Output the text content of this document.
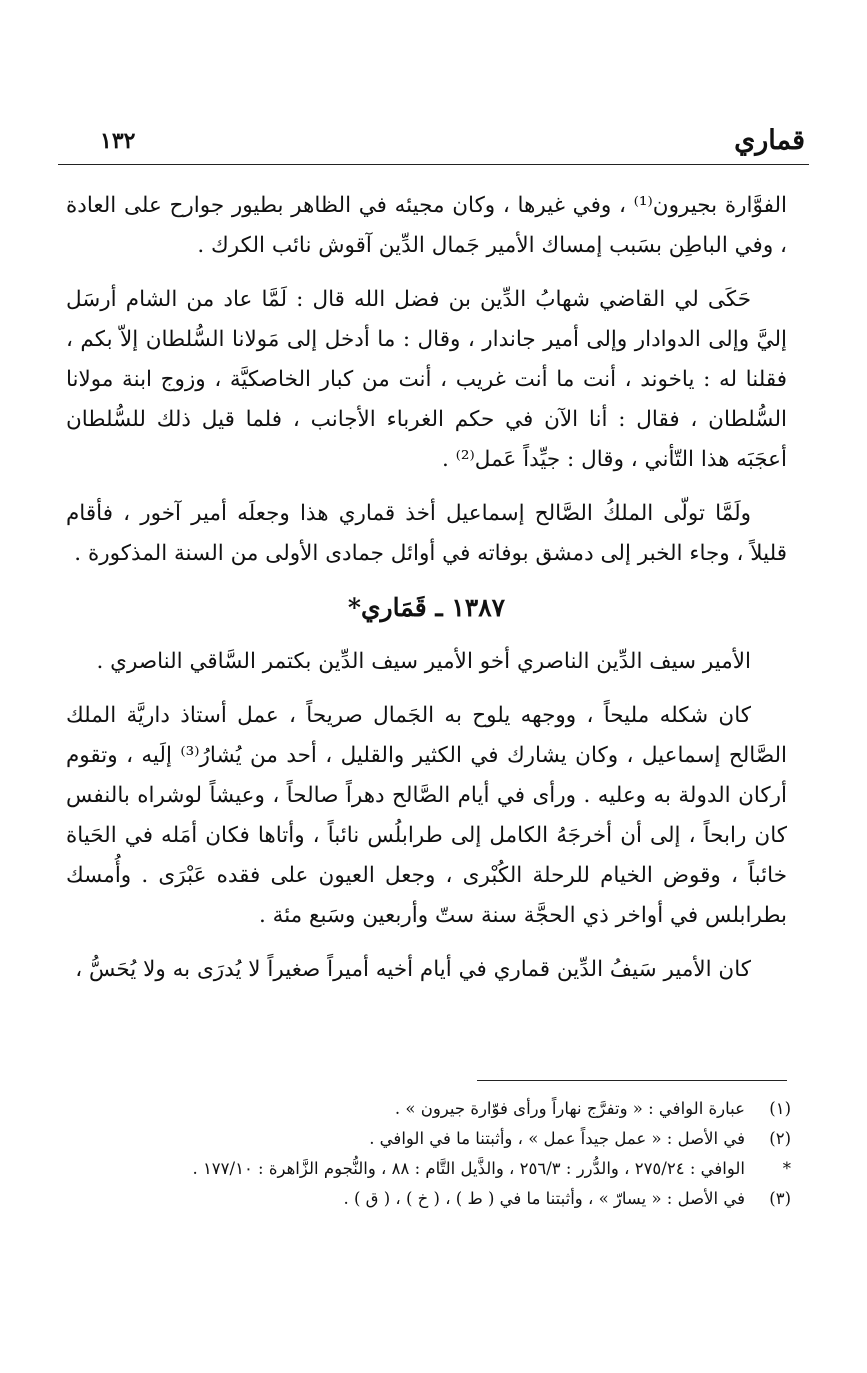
قماري
١٣٢

الفوَّارة بجيرون⁽¹⁾ ، وفي غيرها ، وكان مجيئه في الظاهر بطيور جوارح على العادة ، وفي الباطِن بسَبب إمساك الأمير جَمال الدِّين آقوش نائب الكرك .

حَكَى لي القاضي شهابُ الدِّين بن فضل الله قال : لَمَّا عاد من الشام أرسَل إليَّ وإلى الدوادار وإلى أمير جاندار ، وقال : ما أدخل إلى مَولانا السُّلطان إلاّ بكم ، فقلنا له : ياخوند ، أنت ما أنت غريب ، أنت من كبار الخاصكيَّة ، وزوج ابنة مولانا السُّلطان ، فقال : أنا الآن في حكم الغرباء الأجانب ، فلما قيل ذلك للسُّلطان أعجَبَه هذا التّأني ، وقال : جيِّداً عَمل⁽²⁾ .

ولَمَّا تولّى الملكُ الصَّالح إسماعيل أخذ قماري هذا وجعلَه أمير آخور ، فأقام قليلاً ، وجاء الخبر إلى دمشق بوفاته في أوائل جمادى الأولى من السنة المذكورة .

١٣٨٧ ـ قَمَاري*

الأمير سيف الدِّين الناصري أخو الأمير سيف الدِّين بكتمر السَّاقي الناصري .

كان شكله مليحاً ، ووجهه يلوح به الجَمال صريحاً ، عمل أستاذ داريَّة الملك الصَّالح إسماعيل ، وكان يشارك في الكثير والقليل ، أحد من يُشارُ⁽³⁾ إلَيه ، وتقوم أركان الدولة به وعليه . ورأى في أيام الصَّالح دهراً صالحاً ، وعيشاً لوشراه بالنفس كان رابحاً ، إلى أن أخرجَهُ الكامل إلى طرابلُس نائباً ، وأتاها فكان أمَله في الحَياة خائباً ، وقوض الخيام للرحلة الكُبْرى ، وجعل العيون على فقده عَبْرَى . وأُمسك بطرابلس في أواخر ذي الحجَّة سنة ستّ وأربعين وسَبع مئة .

كان الأمير سَيفُ الدِّين قماري في أيام أخيه أميراً صغيراً لا يُدرَى به ولا يُحَسُّ ،

(١)
عبارة الوافي : « وتفرَّج نهاراً ورأى فوّارة جيرون » .
(٢)
في الأصل : « عمل جيداً عمل » ، وأثبتنا ما في الوافي .
*
الوافي : ٢٧٥/٢٤ ، والدُّرر : ٢٥٦/٣ ، والذَّيل التَّام : ٨٨ ، والنُّجوم الزَّاهرة : ١٧٧/١٠ .
(٣)
في الأصل : « يسارّ » ، وأثبتنا ما في ( ط ) ، ( خ ) ، ( ق ) .
